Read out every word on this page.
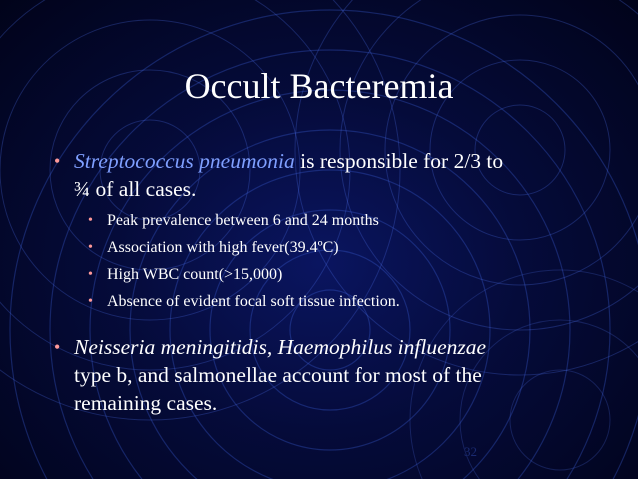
Occult Bacteremia
• Streptococcus pneumonia is responsible for 2/3 to
¾ of all cases.
• Peak prevalence between 6 and 24 months
• Association with high fever(39.4ºC)
• High WBC count(>15,000)
• Absence of evident focal soft tissue infection.
• Neisseria meningitidis, Haemophilus influenzae
type b, and salmonellae account for most of the
remaining cases.
32
